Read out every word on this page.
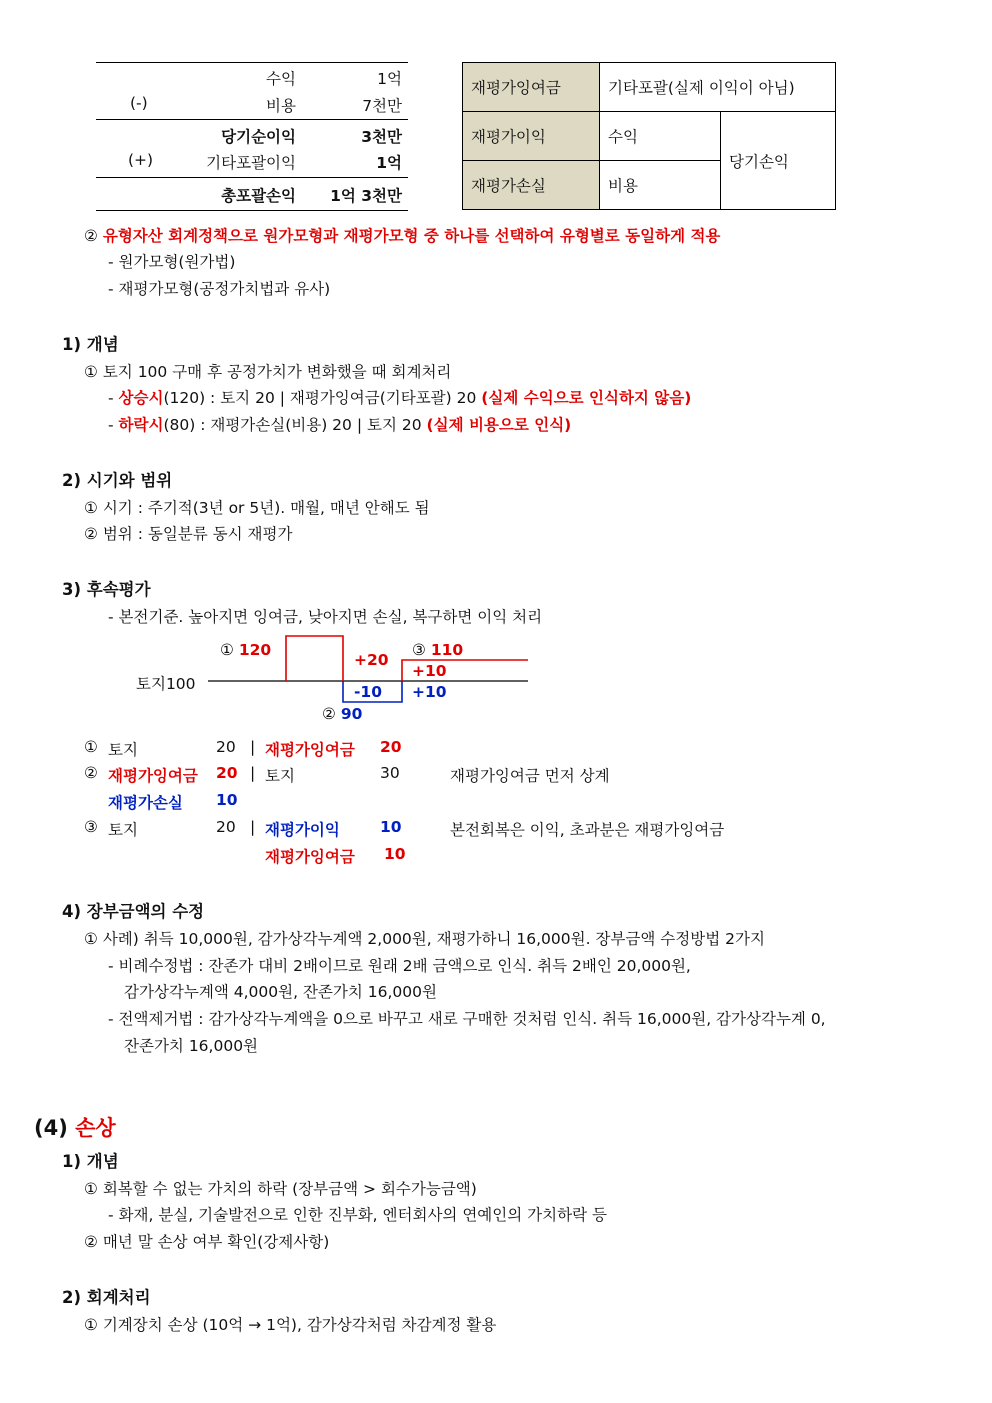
수익	1억
(-)	비용	7천만
당기순이익	3천만
(+)	기타포괄이익	1억
총포괄손익	1억 3천만
재평가잉여금	기타포괄(실제 이익이 아님)	
재평가이익	수익	당기손익
재평가손실	비용	
② 유형자산 회계정책으로 원가모형과 재평가모형 중 하나를 선택하여 유형별로 동일하게 적용
- 원가모형(원가법)
- 재평가모형(공정가치법과 유사)
1) 개념
① 토지 100 구매 후 공정가치가 변화했을 때 회계처리
- 상승시(120) : 토지 20 | 재평가잉여금(기타포괄) 20 (실제 수익으로 인식하지 않음)
- 하락시(80) : 재평가손실(비용) 20 | 토지 20 (실제 비용으로 인식)
2) 시기와 범위
① 시기 : 주기적(3년 or 5년). 매월, 매년 안해도 됨
② 범위 : 동일분류 동시 재평가
3) 후속평가
- 본전기준. 높아지면 잉여금, 낮아지면 손실, 복구하면 이익 처리
토지100
① 120
+20
-10
② 90
③ 110
+10
+10
① 토지	20 | 재평가잉여금 20
② 재평가잉여금 20 | 토지	30	재평가잉여금 먼저 상계
재평가손실 10
③ 토지	20 | 재평가이익	10	본전회복은 이익, 초과분은 재평가잉여금
재평가잉여금 10
4) 장부금액의 수정
① 사례) 취득 10,000원, 감가상각누계액 2,000원, 재평가하니 16,000원. 장부금액 수정방법 2가지
- 비례수정법 : 잔존가 대비 2배이므로 원래 2배 금액으로 인식. 취득 2배인 20,000원,
감가상각누계액 4,000원, 잔존가치 16,000원
- 전액제거법 : 감가상각누계액을 0으로 바꾸고 새로 구매한 것처럼 인식. 취득 16,000원, 감가상각누계 0,
잔존가치 16,000원
(4) 손상
1) 개념
① 회복할 수 없는 가치의 하락 (장부금액 > 회수가능금액)
- 화재, 분실, 기술발전으로 인한 진부화, 엔터회사의 연예인의 가치하락 등
② 매년 말 손상 여부 확인(강제사항)
2) 회계처리
① 기계장치 손상 (10억 → 1억), 감가상각처럼 차감계정 활용
